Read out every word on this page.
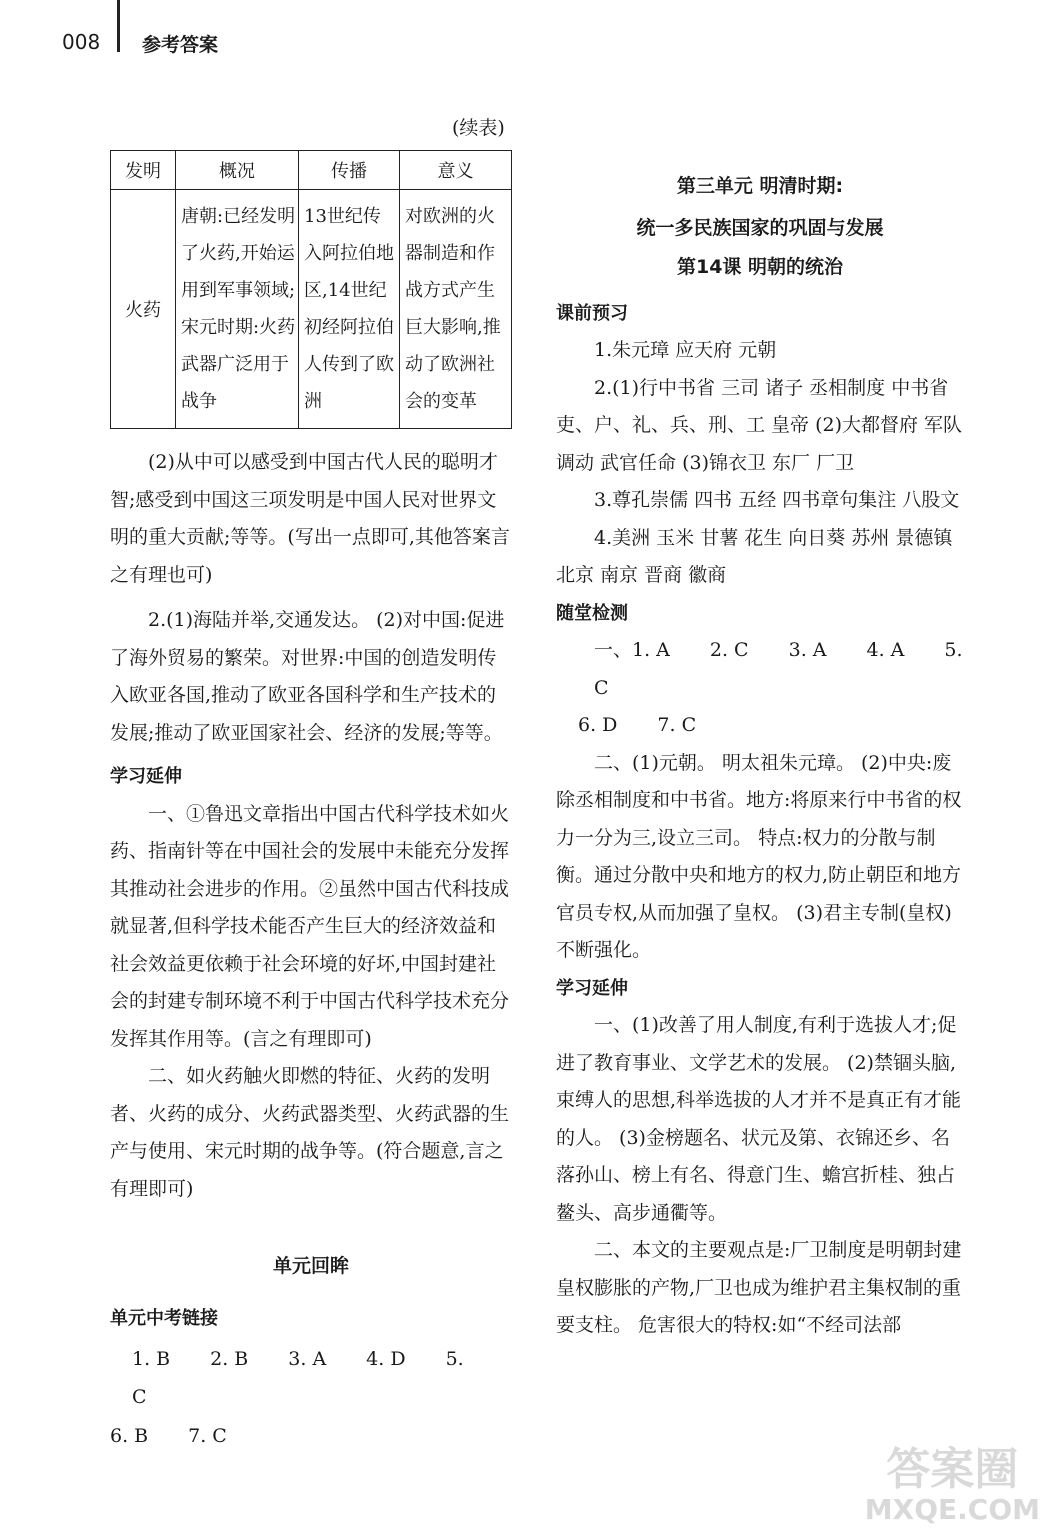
008 参考答案
(续表)
发明	概况	传播	意义
火药	唐朝:已经发明了火药,开始运用到军事领域;宋元时期:火药武器广泛用于战争	13世纪传入阿拉伯地区,14世纪初经阿拉伯人传到了欧洲	对欧洲的火器制造和作战方式产生巨大影响,推动了欧洲社会的变革

(2)从中可以感受到中国古代人民的聪明才智;感受到中国这三项发明是中国人民对世界文明的重大贡献;等等。(写出一点即可,其他答案言之有理也可)

2.(1)海陆并举,交通发达。 (2)对中国:促进了海外贸易的繁荣。对世界:中国的创造发明传入欧亚各国,推动了欧亚各国科学和生产技术的发展;推动了欧亚国家社会、经济的发展;等等。

学习延伸

一、①鲁迅文章指出中国古代科学技术如火药、指南针等在中国社会的发展中未能充分发挥其推动社会进步的作用。②虽然中国古代科技成就显著,但科学技术能否产生巨大的经济效益和社会效益更依赖于社会环境的好坏,中国封建社会的封建专制环境不利于中国古代科学技术充分发挥其作用等。(言之有理即可)

二、如火药触火即燃的特征、火药的发明者、火药的成分、火药武器类型、火药武器的生产与使用、宋元时期的战争等。(符合题意,言之有理即可)

单元回眸

单元中考链接

1. B 2. B 3. A 4. D 5. C

6. B 7. C

第三单元 明清时期:

统一多民族国家的巩固与发展

第14课 明朝的统治

课前预习

1.朱元璋 应天府 元朝

2.(1)行中书省 三司 诸子 丞相制度 中书省 吏、户、礼、兵、刑、工 皇帝 (2)大都督府 军队调动 武官任命 (3)锦衣卫 东厂 厂卫

3.尊孔崇儒 四书 五经 四书章句集注 八股文

4.美洲 玉米 甘薯 花生 向日葵 苏州 景德镇 北京 南京 晋商 徽商

随堂检测

一、1. A 2. C 3. A 4. A 5. C

6. D 7. C

二、(1)元朝。 明太祖朱元璋。 (2)中央:废除丞相制度和中书省。地方:将原来行中书省的权力一分为三,设立三司。 特点:权力的分散与制衡。通过分散中央和地方的权力,防止朝臣和地方官员专权,从而加强了皇权。 (3)君主专制(皇权)不断强化。

学习延伸

一、(1)改善了用人制度,有利于选拔人才;促进了教育事业、文学艺术的发展。 (2)禁锢头脑,束缚人的思想,科举选拔的人才并不是真正有才能的人。 (3)金榜题名、状元及第、衣锦还乡、名落孙山、榜上有名、得意门生、蟾宫折桂、独占鳌头、高步通衢等。

二、本文的主要观点是:厂卫制度是明朝封建皇权膨胀的产物,厂卫也成为维护君主集权制的重要支柱。 危害很大的特权:如“不经司法部

答案圈
MXQE.COM
